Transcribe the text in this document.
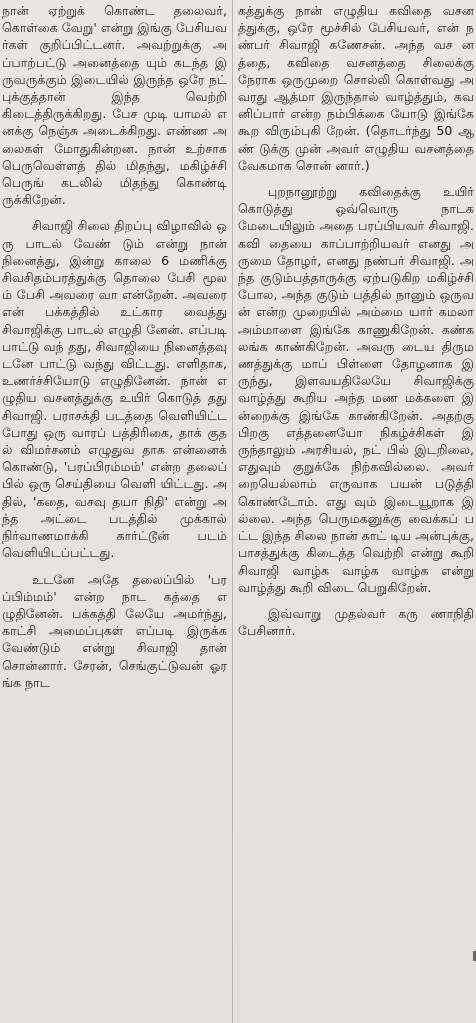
நான் ஏற்றுக் கொண்ட தலைவர், கொள்கை வேறு' என்று இங்கு பேசியவர்கள் குறிப்பிட்டனர். அவற்றுக்கு அப்பாற்பட்டு அனைத்தை யும் கடந்த இருவருக்கும் இடையில் இருந்த ஒரே நட் புக்குத்தான் இந்த வெற்றி கிடைத்திருக்கிறது. பேச முடி யாமல் எனக்கு நெஞ்சு அடைக்கிறது. எண்ண அலைகள் மோதுகின்றன. நான் உற்சாக பெருவெள்ளத் தில் மிதந்து, மகிழ்ச்சி பெருங் கடலில் மிதந்து கொண்டி ருக்கிறேன்.

சிவாஜி சிலை திறப்பு விழாவில் ஒரு பாடல் வேண் டும் என்று நான் நினைத்து, இன்று காலை 6 மணிக்கு சிவசிதம்பரத்துக்கு தொலை பேசி மூலம் பேசி அவரை வா என்றேன். அவரை என் பக்கத்தில் உட்கார வைத்து சிவாஜிக்கு பாடல் எழுதி னேன். எப்படி பாட்டு வந் தது, சிவாஜியை நினைத்தவு டனே பாட்டு வந்து விட்டது. எளிதாக, உணர்ச்சியோடு எழுதினேன். நான் எழுதிய வசனத்துக்கு உயிர் கொடுத் தது சிவாஜி. பராசக்தி படத்தை வெளியிட்ட போது ஒரு வாரப் பத்திரிகை, தாக் குதல் விமர்சனம் எழுதுவ தாக என்னைக் கொண்டு, 'பரப்பிரம்மம்' என்ற தலைப் பில் ஒரு செய்தியை வெளி யிட்டது. அதில், 'கதை, வசவு தயா நிதி' என்று அந்த அட்டை படத்தில் முக்கால் நிர்வாணமாக்கி கார்ட்டூன் படம் வெளியிடப்பட்டது.

உடனே அதே தலைப்பில் 'பரப்பிம்மம்' என்ற நாட கத்தை எழுதினேன். பக்கத்தி லேயே அமர்ந்து, காட்சி அமைப்புகள் எப்படி இருக்க வேண்டும் என்று சிவாஜி தான் சொன்னார். சேரன், செங்குட்டுவன் ஓரங்க நாட

கத்துக்கு நான் எழுதிய கவிதை வசனத்துக்கு, ஒரே மூச்சில் பேசியவர், என் நண்பர் சிவாஜி கணேசன். அந்த வச னத்தை, கவிதை வசனத்தை சிலைக்கு நேராக ஒருமுறை சொல்லி கொள்வது அவரது ஆத்மா இருந்தால் வாழ்த்தும், கவனிப்பார் என்ற நம்பிக்கை யோடு இங்கே கூற விரும்புகி றேன். (தொடர்ந்து 50 ஆண் டுக்கு முன் அவர் எழுதிய வசனத்தை வேகமாக சொன் னார்.)

புறநானூற்று கவிதைக்கு உயிர் கொடுத்து ஒவ்வொரு நாடக மேடையிலும் அதை பரப்பியவர் சிவாஜி. கவி தையை காப்பாற்றியவர் எனது அருமை தோழர், எனது நண்பர் சிவாஜி. அந்த குடும்பத்தாருக்கு ஏற்படுகிற மகிழ்ச்சி போல, அந்த குடும் பத்தில் நானும் ஒருவன் என்ற முறையில் அம்மை யார் கமலா அம்மாளை இங்கே காணுகிறேன். கண்க லங்க காண்கிறேன். அவரு டைய திருமணத்துக்கு மாப் பிள்ளை தோழனாக இருந்து, இளவயதிலேயே சிவாஜிக்கு வாழ்த்து கூறிய அந்த மண மக்களை இன்றைக்கு இங்கே காண்கிறேன். அதற்கு பிறகு எத்தனையோ நிகழ்ச்சிகள் இருந்தாலும் அரசியல், நட் பில் இடறிலை, எதுவும் குறுக்கே நிற்கவில்லை. அவர் றையெல்லாம் எருவாக பயன் படுத்தி கொண்டோம். எது வும் இடையூறாக இல்லை. அந்த பெருமகனுக்கு வைக்கப் பட்ட இந்த சிலை நான் காட் டிய அன்புக்கு, பாசத்துக்கு கிடைத்த வெற்றி என்று கூறி சிவாஜி வாழ்க வாழ்க வாழ்க என்று வாழ்த்து கூறி விடை பெறுகிறேன்.

இவ்வாறு முதல்வர் கரு ணாநிதி பேசினார்.
